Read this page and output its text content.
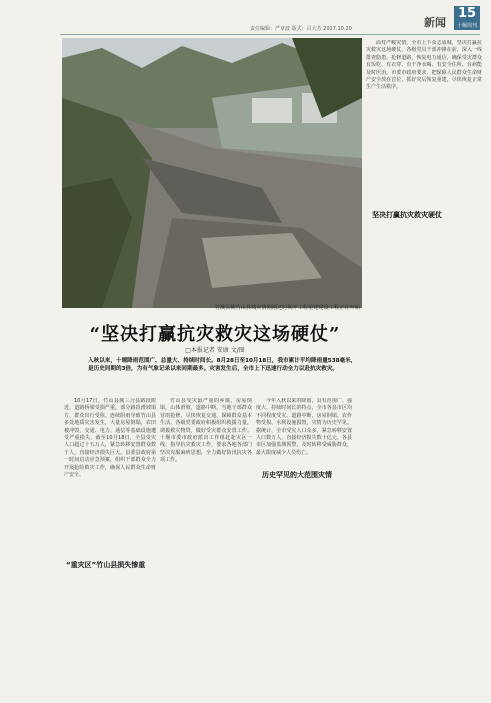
新闻
15
十堰周刊
责任编辑：严章波 版式：吕大芳 2017.10.20
竹溪县桃竹山县城灾情刚刚过时期开工程重建建设工程正在开始
“坚决打赢抗灾救灾这场硬仗”
□本报记者 安康 文/图
入秋以来，十堰降雨范围广、总量大、持续时间长。8月28日至10月18日，我市累计平均降雨量538毫米，是历史同期的3倍，为有气象记录以来同期最多。灾害发生后，全市上下迅速行动全力以赴抗灾救灾。

10月17日，竹山县城三合县路段附近，道路桥梁受损严重，部分路段滑坡塌方，群众出行受阻。连续阴雨导致竹山县多处地质灾害发生，大量房屋倒塌，农田被冲毁，交通、电力、通信等基础设施遭受严重损失。截至10月18日，全县受灾人口超过十五万人，紧急转移安置群众数千人，直接经济损失巨大。县委县政府第一时间启动应急预案，组织干部群众全力开展抢险救灾工作，确保人民群众生命财产安全。

“重灾区”竹山县损失惨重

竹山县受灾最严重的乡镇，房屋倒塌，山体滑坡，道路中断。当地干部群众冒雨抢修，尽快恢复交通，保障群众基本生活。各级党委政府积极组织救援力量，调拨救灾物资，做好受灾群众安置工作。十堰市委市政府派出工作组赶赴灾区一线，指导抗灾救灾工作，要求各地各部门坚决克服麻痹思想，全力做好防汛抗灾各项工作。

今年入秋以来的降雨，具有范围广、强度大、持续时间长的特点，全市各县市区均不同程度受灾。道路中断、房屋倒塌、农作物受损、水利设施损毁，灾情为历史罕见。据统计，全市受灾人口众多，紧急转移安置人口数万人，直接经济损失数十亿元。各县市区加强监测预警，及时转移受威胁群众，最大限度减少人员伤亡。

历史罕见的大范围灾情
坚决打赢抗灾救灾硬仗

面对严峻灾情，全市上下众志成城，坚决打赢抗灾救灾这场硬仗。各级党员干部冲锋在前，深入一线排查隐患，抢修道路，恢复电力通信，确保受灾群众有饭吃、有衣穿、有干净水喝、有安全住所、有病能及时医治。市委市政府要求，把保障人民群众生命财产安全放在首位，抓好灾后恢复重建，尽快恢复正常生产生活秩序。
